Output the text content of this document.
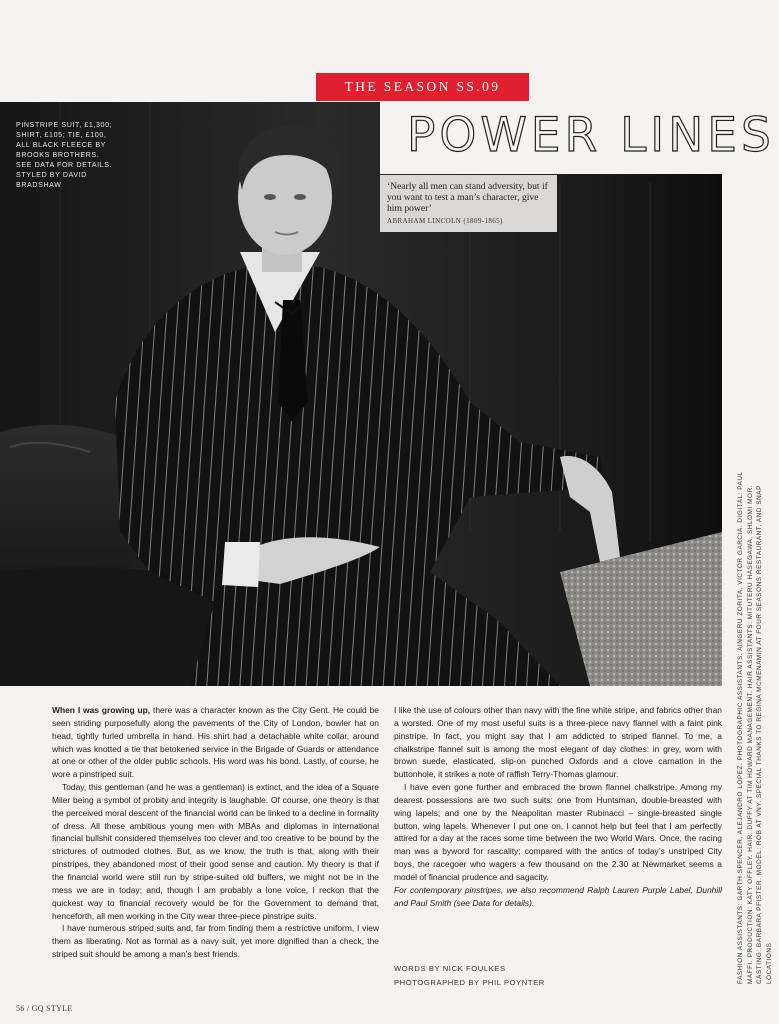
PINSTRIPE SUIT, £1,300; SHIRT, £105; TIE, £100, ALL BLACK FLEECE BY BROOKS BROTHERS. SEE DATA FOR DETAILS. STYLED BY DAVID BRADSHAW
POWER LINES
‘Nearly all men can stand adversity, but if you want to test a man’s character, give him power’
ABRAHAM LINCOLN (1809-1865)
THE SEASON SS.09

When I was growing up, there was a character known as the City Gent. He could be seen striding purposefully along the pavements of the City of London, bowler hat on head, tightly furled umbrella in hand. His shirt had a detachable white collar, around which was knotted a tie that betokened service in the Brigade of Guards or attendance at one or other of the older public schools. His word was his bond. Lastly, of course, he wore a pinstriped suit.

Today, this gentleman (and he was a gentleman) is extinct, and the idea of a Square Miler being a symbol of probity and integrity is laughable. Of course, one theory is that the perceived moral descent of the financial world can be linked to a decline in formality of dress. All these ambitious young men with MBAs and diplomas in international financial bullshit considered themselves too clever and too creative to be bound by the strictures of outmoded clothes. But, as we know, the truth is that, along with their pinstripes, they abandoned most of their good sense and caution. My theory is that if the financial world were still run by stripe-suited old buffers, we might not be in the mess we are in today; and, though I am probably a lone voice, I reckon that the quickest way to financial recovery would be for the Government to demand that, henceforth, all men working in the City wear three-piece pinstripe suits.

I have numerous striped suits and, far from finding them a restrictive uniform, I view them as liberating. Not as formal as a navy suit, yet more dignified than a check, the striped suit should be among a man’s best friends.

I like the use of colours other than navy with the fine white stripe, and fabrics other than a worsted. One of my most useful suits is a three-piece navy flannel with a faint pink pinstripe. In fact, you might say that I am addicted to striped flannel. To me, a chalkstripe flannel suit is among the most elegant of day clothes: in grey, worn with brown suede, elasticated, slip-on punched Oxfords and a clove carnation in the buttonhole, it strikes a note of raffish Terry-Thomas glamour.

I have even gone further and embraced the brown flannel chalkstripe. Among my dearest possessions are two such suits: one from Huntsman, double-breasted with wing lapels; and one by the Neapolitan master Rubinacci – single-breasted single button, wing lapels. Whenever I put one on, I cannot help but feel that I am perfectly attired for a day at the races some time between the two World Wars. Once, the racing man was a byword for rascality; compared with the antics of today’s unstriped City boys, the racegoer who wagers a few thousand on the 2.30 at Newmarket seems a model of financial prudence and sagacity.

For contemporary pinstripes, we also recommend Ralph Lauren Purple Label, Dunhill and Paul Smith (see Data for details).

WORDS BY NICK FOULKES
PHOTOGRAPHED BY PHIL POYNTER
56 / GQ STYLE
FASHION ASSISTANTS: GARTH SPENCER, ALEJANDRO LOPEZ. PHOTOGRAPHIC ASSISTANTS: AINGERU ZORITA, VICTOR GARCIA. DIGITAL: PAUL MAFFI. PRODUCTION: KATY OFFLEY. HAIR: DUFFY AT TIM HOWARD MANAGEMENT. HAIR ASSISTANTS: MITUTERU HASEGAWA, SHLOMI MOR. CASTING: BARBARA PFISTER. MODEL: ROB AT VNY. SPECIAL THANKS TO REGINA MCMENAMIN AT FOUR SEASONS RESTAURANT, AND SNAP LOCATIONS
